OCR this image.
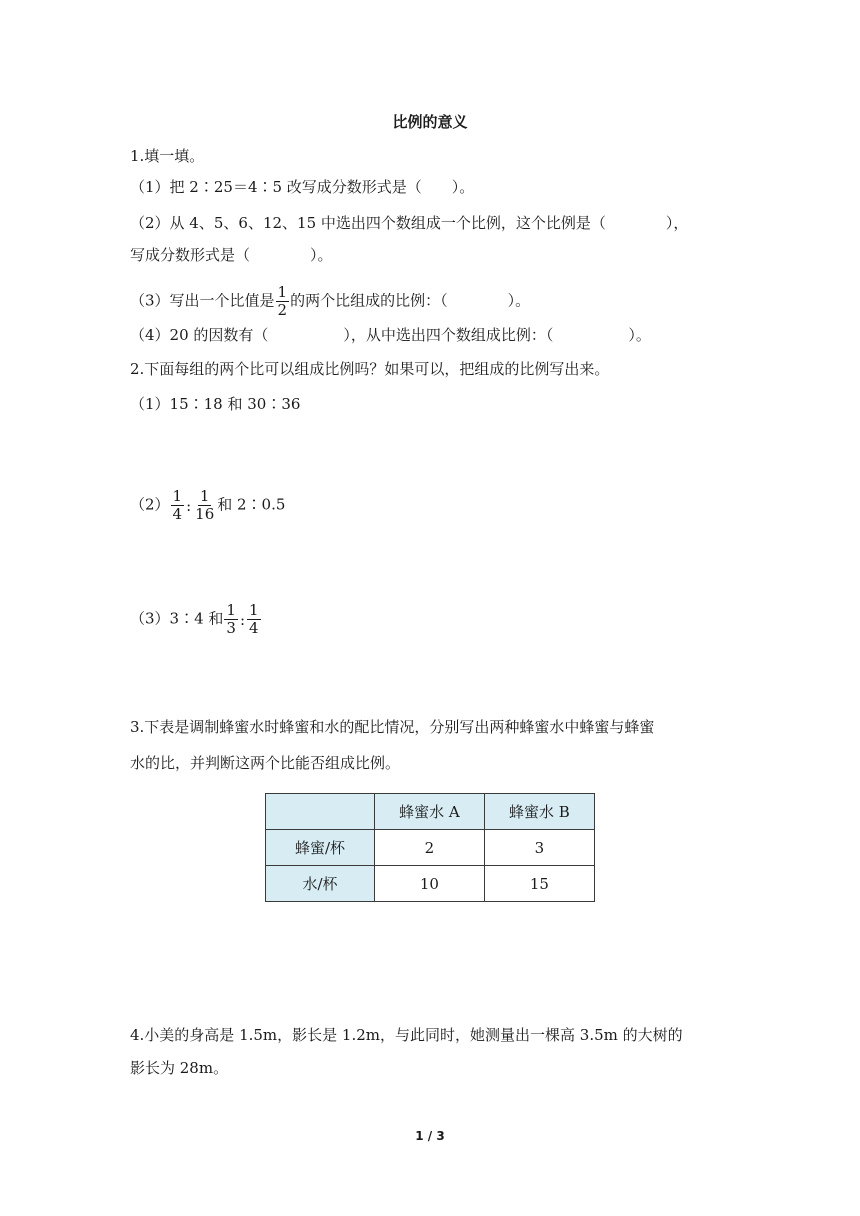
比例的意义
1.填一填。
（1）把 2∶25＝4∶5 改写成分数形式是（　　）。
（2）从 4、5、6、12、15 中选出四个数组成一个比例，这个比例是（　　　　），
写成分数形式是（　　　　）。
（3）写出一个比值是 $\frac{1}{2}$ 的两个比组成的比例：（　　　　）。
（4）20 的因数有（　　　　　），从中选出四个数组成比例：（　　　　　）。
2.下面每组的两个比可以组成比例吗？如果可以，把组成的比例写出来。
（1）15∶18 和 30∶36
$(2) \frac{1}{4}$ : $\frac{1}{16}$ 和 2∶0.5
（3）3∶4 和 $\frac{1}{3}$ : $\frac{1}{4}$
3.下表是调制蜂蜜水时蜂蜜和水的配比情况，分别写出两种蜂蜜水中蜂蜜与蜂蜜
水的比，并判断这两个比能否组成比例。
	蜂蜜水 A	蜂蜜水 B
蜂蜜/杯	2	3
水/杯	10	15
4.小美的身高是 1.5m，影长是 1.2m，与此同时，她测量出一棵高 3.5m 的大树的
影长为 28m。
1 / 3
